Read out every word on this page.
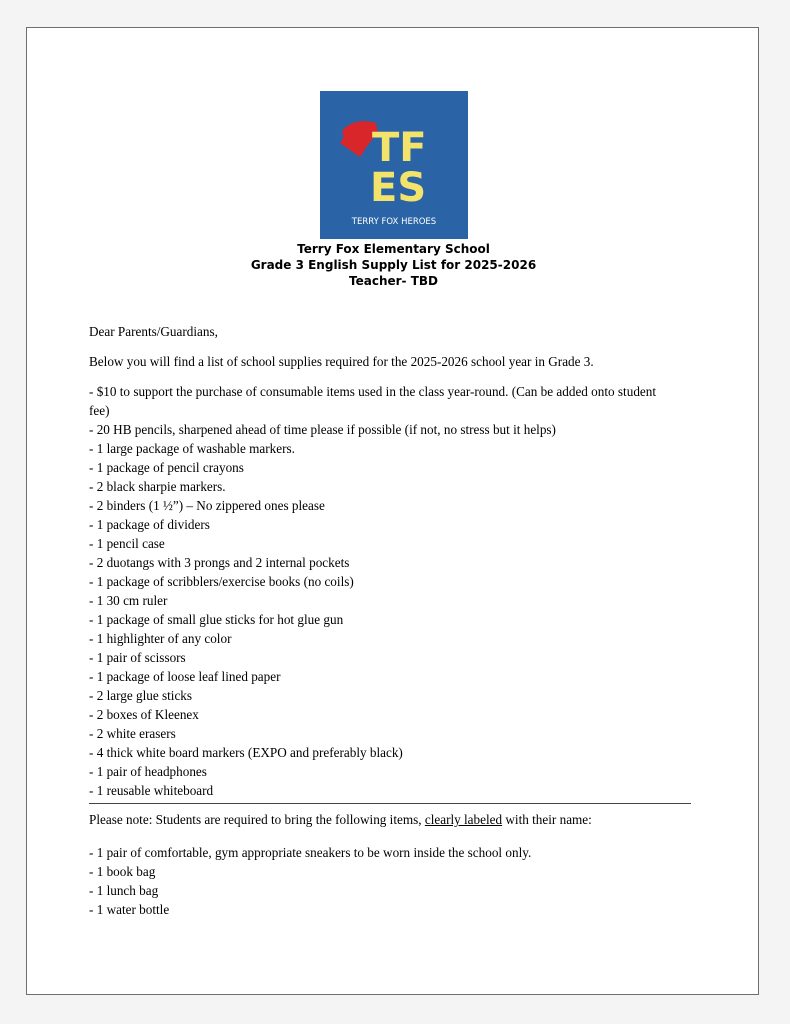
TF
ES
TERRY FOX HEROES
Terry Fox Elementary School
Grade 3 English Supply List for 2025-2026
Teacher- TBD
Dear Parents/Guardians,
Below you will find a list of school supplies required for the 2025-2026 school year in Grade 3.
- $10 to support the purchase of consumable items used in the class year-round. (Can be added onto student fee)
- 20 HB pencils, sharpened ahead of time please if possible (if not, no stress but it helps)
- 1 large package of washable markers.
- 1 package of pencil crayons
- 2 black sharpie markers.
- 2 binders (1 ½”) – No zippered ones please
- 1 package of dividers
- 1 pencil case
- 2 duotangs with 3 prongs and 2 internal pockets
- 1 package of scribblers/exercise books (no coils)
- 1 30 cm ruler
- 1 package of small glue sticks for hot glue gun
- 1 highlighter of any color
- 1 pair of scissors
- 1 package of loose leaf lined paper
- 2 large glue sticks
- 2 boxes of Kleenex
- 2 white erasers
- 4 thick white board markers (EXPO and preferably black)
- 1 pair of headphones
- 1 reusable whiteboard
Please note: Students are required to bring the following items, clearly labeled with their name:
- 1 pair of comfortable, gym appropriate sneakers to be worn inside the school only.
- 1 book bag
- 1 lunch bag
- 1 water bottle
